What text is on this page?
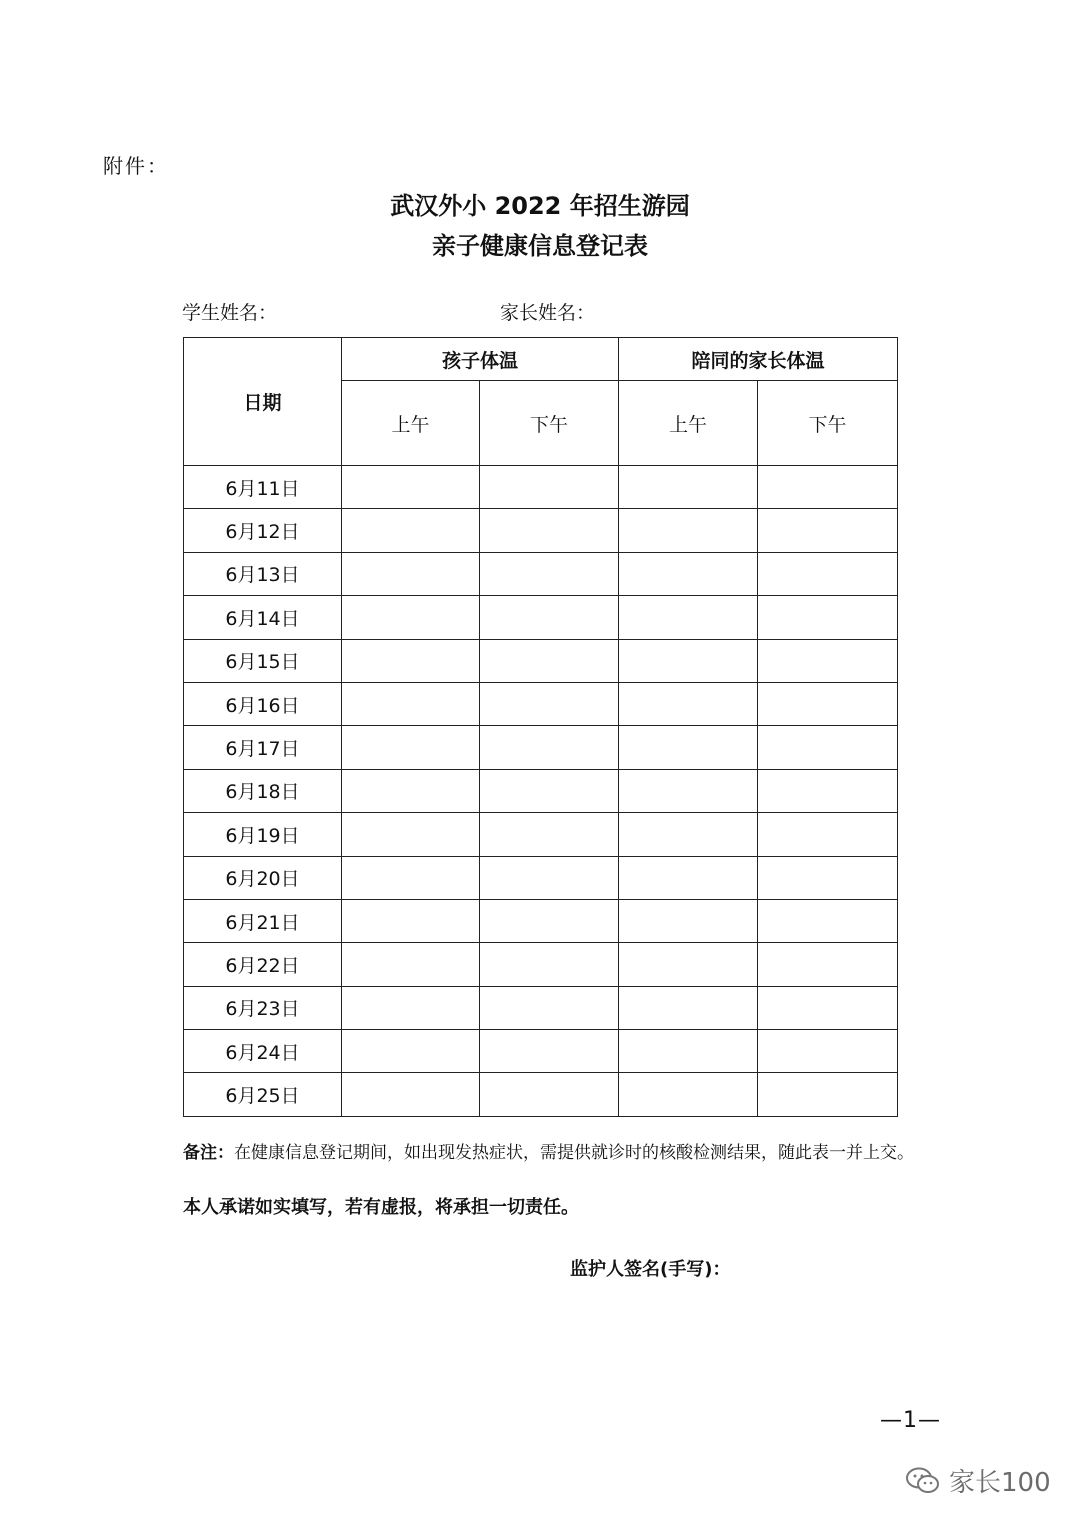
附件：
武汉外小 2022 年招生游园
亲子健康信息登记表
学生姓名：	家长姓名：
日期	孩子体温		陪同的家长体温	
	上午	下午	上午	下午
6月11日				
6月12日				
6月13日				
6月14日				
6月15日				
6月16日				
6月17日				
6月18日				
6月19日				
6月20日				
6月21日				
6月22日				
6月23日				
6月24日				
6月25日				
备注：在健康信息登记期间，如出现发热症状，需提供就诊时的核酸检测结果，随此表一并上交。
本人承诺如实填写，若有虚报，将承担一切责任。
监护人签名(手写)：
—1—
家长100
